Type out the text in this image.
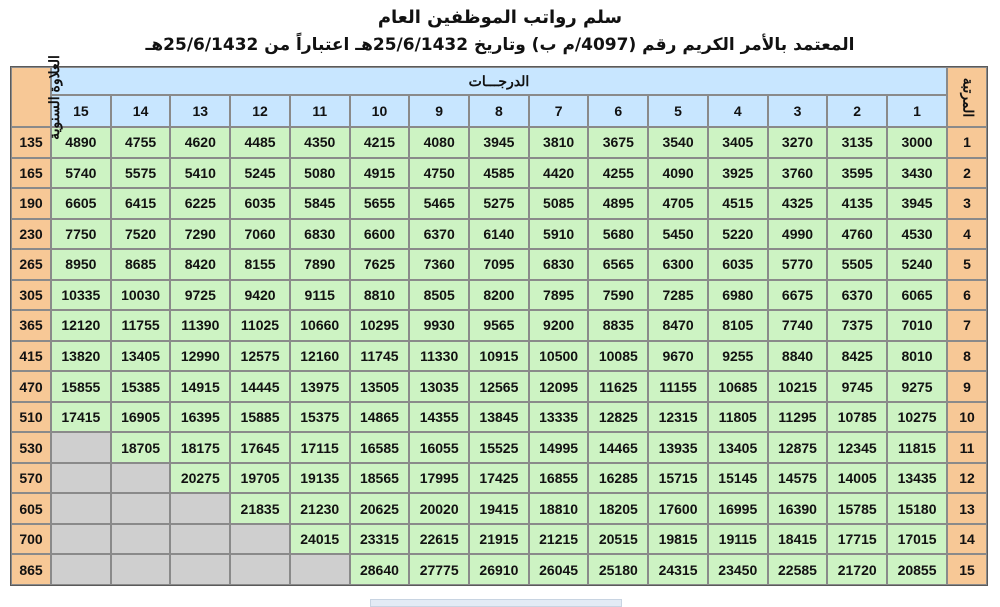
سلم رواتب الموظفين العام
المعتمد بالأمر الكريم رقم (4097/م ب) وتاريخ 25/6/1432هـ اعتباراً من 25/6/1432هـ
العلاوة السنوية	الدرجـــات															المرتبة
	15	14	13	12	11	10	9	8	7	6	5	4	3	2	1	
135	4890	4755	4620	4485	4350	4215	4080	3945	3810	3675	3540	3405	3270	3135	3000	1
165	5740	5575	5410	5245	5080	4915	4750	4585	4420	4255	4090	3925	3760	3595	3430	2
190	6605	6415	6225	6035	5845	5655	5465	5275	5085	4895	4705	4515	4325	4135	3945	3
230	7750	7520	7290	7060	6830	6600	6370	6140	5910	5680	5450	5220	4990	4760	4530	4
265	8950	8685	8420	8155	7890	7625	7360	7095	6830	6565	6300	6035	5770	5505	5240	5
305	10335	10030	9725	9420	9115	8810	8505	8200	7895	7590	7285	6980	6675	6370	6065	6
365	12120	11755	11390	11025	10660	10295	9930	9565	9200	8835	8470	8105	7740	7375	7010	7
415	13820	13405	12990	12575	12160	11745	11330	10915	10500	10085	9670	9255	8840	8425	8010	8
470	15855	15385	14915	14445	13975	13505	13035	12565	12095	11625	11155	10685	10215	9745	9275	9
510	17415	16905	16395	15885	15375	14865	14355	13845	13335	12825	12315	11805	11295	10785	10275	10
530		18705	18175	17645	17115	16585	16055	15525	14995	14465	13935	13405	12875	12345	11815	11
570			20275	19705	19135	18565	17995	17425	16855	16285	15715	15145	14575	14005	13435	12
605				21835	21230	20625	20020	19415	18810	18205	17600	16995	16390	15785	15180	13
700					24015	23315	22615	21915	21215	20515	19815	19115	18415	17715	17015	14
865						28640	27775	26910	26045	25180	24315	23450	22585	21720	20855	15
